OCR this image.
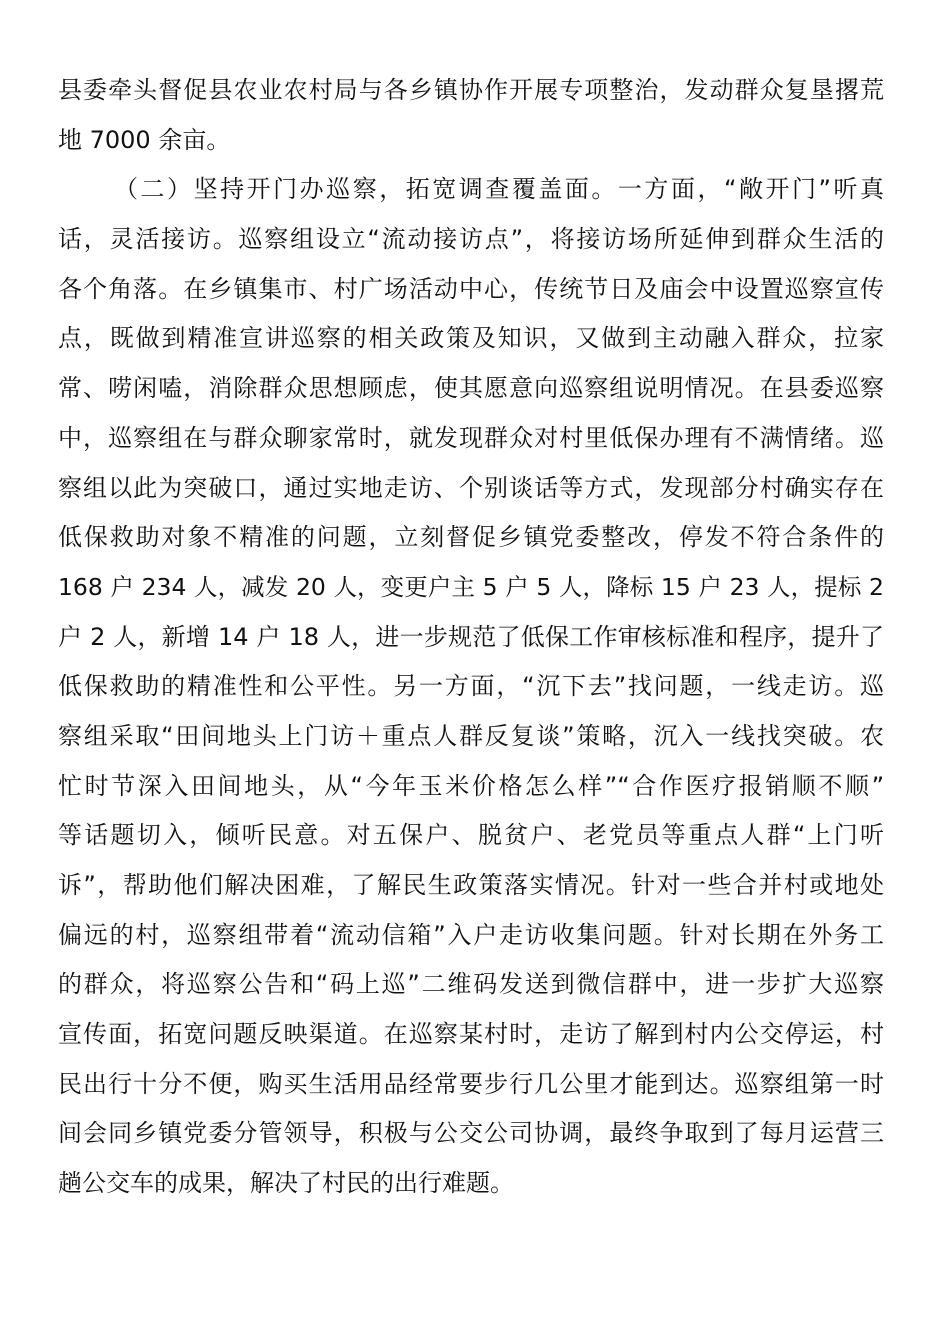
县委牵头督促县农业农村局与各乡镇协作开展专项整治，发动群众复垦撂荒
地 7000 余亩。
（二）坚持开门办巡察，拓宽调查覆盖面。一方面，“敞开门”听真
话，灵活接访。巡察组设立“流动接访点”，将接访场所延伸到群众生活的
各个角落。在乡镇集市、村广场活动中心，传统节日及庙会中设置巡察宣传
点，既做到精准宣讲巡察的相关政策及知识，又做到主动融入群众，拉家
常、唠闲嗑，消除群众思想顾虑，使其愿意向巡察组说明情况。在县委巡察
中，巡察组在与群众聊家常时，就发现群众对村里低保办理有不满情绪。巡
察组以此为突破口，通过实地走访、个别谈话等方式，发现部分村确实存在
低保救助对象不精准的问题，立刻督促乡镇党委整改，停发不符合条件的
168 户 234 人，减发 20 人，变更户主 5 户 5 人，降标 15 户 23 人，提标 2
户 2 人，新增 14 户 18 人，进一步规范了低保工作审核标准和程序，提升了
低保救助的精准性和公平性。另一方面，“沉下去”找问题，一线走访。巡
察组采取“田间地头上门访＋重点人群反复谈”策略，沉入一线找突破。农
忙时节深入田间地头，从“今年玉米价格怎么样”“合作医疗报销顺不顺”
等话题切入，倾听民意。对五保户、脱贫户、老党员等重点人群“上门听
诉”，帮助他们解决困难，了解民生政策落实情况。针对一些合并村或地处
偏远的村，巡察组带着“流动信箱”入户走访收集问题。针对长期在外务工
的群众，将巡察公告和“码上巡”二维码发送到微信群中，进一步扩大巡察
宣传面，拓宽问题反映渠道。在巡察某村时，走访了解到村内公交停运，村
民出行十分不便，购买生活用品经常要步行几公里才能到达。巡察组第一时
间会同乡镇党委分管领导，积极与公交公司协调，最终争取到了每月运营三
趟公交车的成果，解决了村民的出行难题。
